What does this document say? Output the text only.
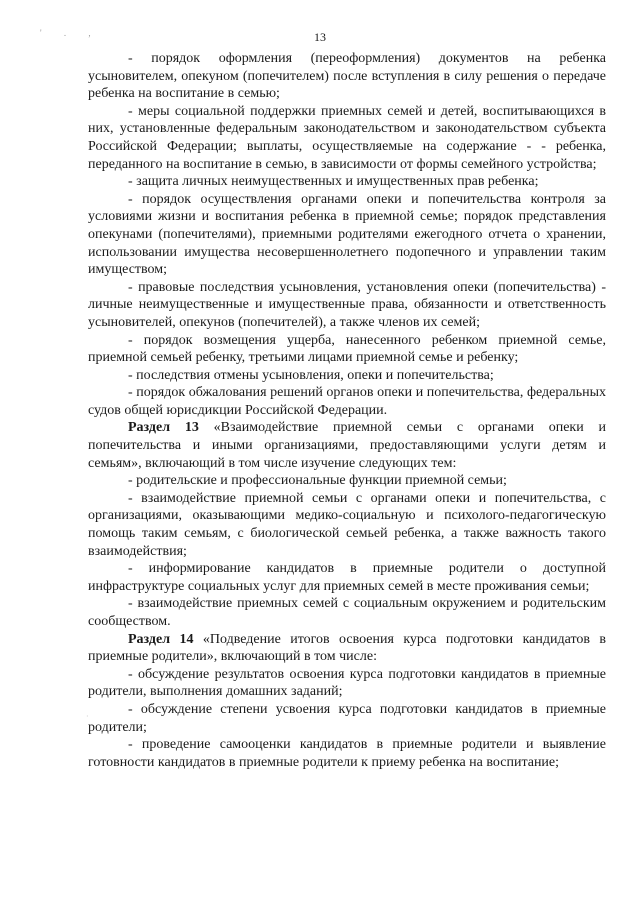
' . ,	13

- порядок оформления (переоформления) документов на ребенка усыновителем, опекуном (попечителем) после вступления в силу решения о передаче ребенка на воспитание в семью;

- меры социальной поддержки приемных семей и детей, воспитывающихся в них, установленные федеральным законодательством и законодательством субъекта Российской Федерации; выплаты, осуществляемые на содержание - - ребенка, переданного на воспитание в семью, в зависимости от формы семейного устройства;

- защита личных неимущественных и имущественных прав ребенка;

- порядок осуществления органами опеки и попечительства контроля за условиями жизни и воспитания ребенка в приемной семье; порядок представления опекунами (попечителями), приемными родителями ежегодного отчета о хранении, использовании имущества несовершеннолетнего подопечного и управлении таким имуществом;

- правовые последствия усыновления, установления опеки (попечительства) - личные неимущественные и имущественные права, обязанности и ответственность усыновителей, опекунов (попечителей), а также членов их семей;

- порядок возмещения ущерба, нанесенного ребенком приемной семье, приемной семьей ребенку, третьими лицами приемной семье и ребенку;

- последствия отмены усыновления, опеки и попечительства;

- порядок обжалования решений органов опеки и попечительства, федеральных судов общей юрисдикции Российской Федерации.

Раздел 13 «Взаимодействие приемной семьи с органами опеки и попечительства и иными организациями, предоставляющими услуги детям и семьям», включающий в том числе изучение следующих тем:

- родительские и профессиональные функции приемной семьи;

- взаимодействие приемной семьи с органами опеки и попечительства, с организациями, оказывающими медико-социальную и психолого-педагогическую помощь таким семьям, с биологической семьей ребенка, а также важность такого взаимодействия;

- информирование кандидатов в приемные родители о доступной инфраструктуре социальных услуг для приемных семей в месте проживания семьи;

- взаимодействие приемных семей с социальным окружением и родительским сообществом.

Раздел 14 «Подведение итогов освоения курса подготовки кандидатов в приемные родители», включающий в том числе:

- обсуждение результатов освоения курса подготовки кандидатов в приемные родители, выполнения домашних заданий;

- обсуждение степени усвоения курса подготовки кандидатов в приемные родители;

- проведение самооценки кандидатов в приемные родители и выявление готовности кандидатов в приемные родители к приему ребенка на воспитание;

·
